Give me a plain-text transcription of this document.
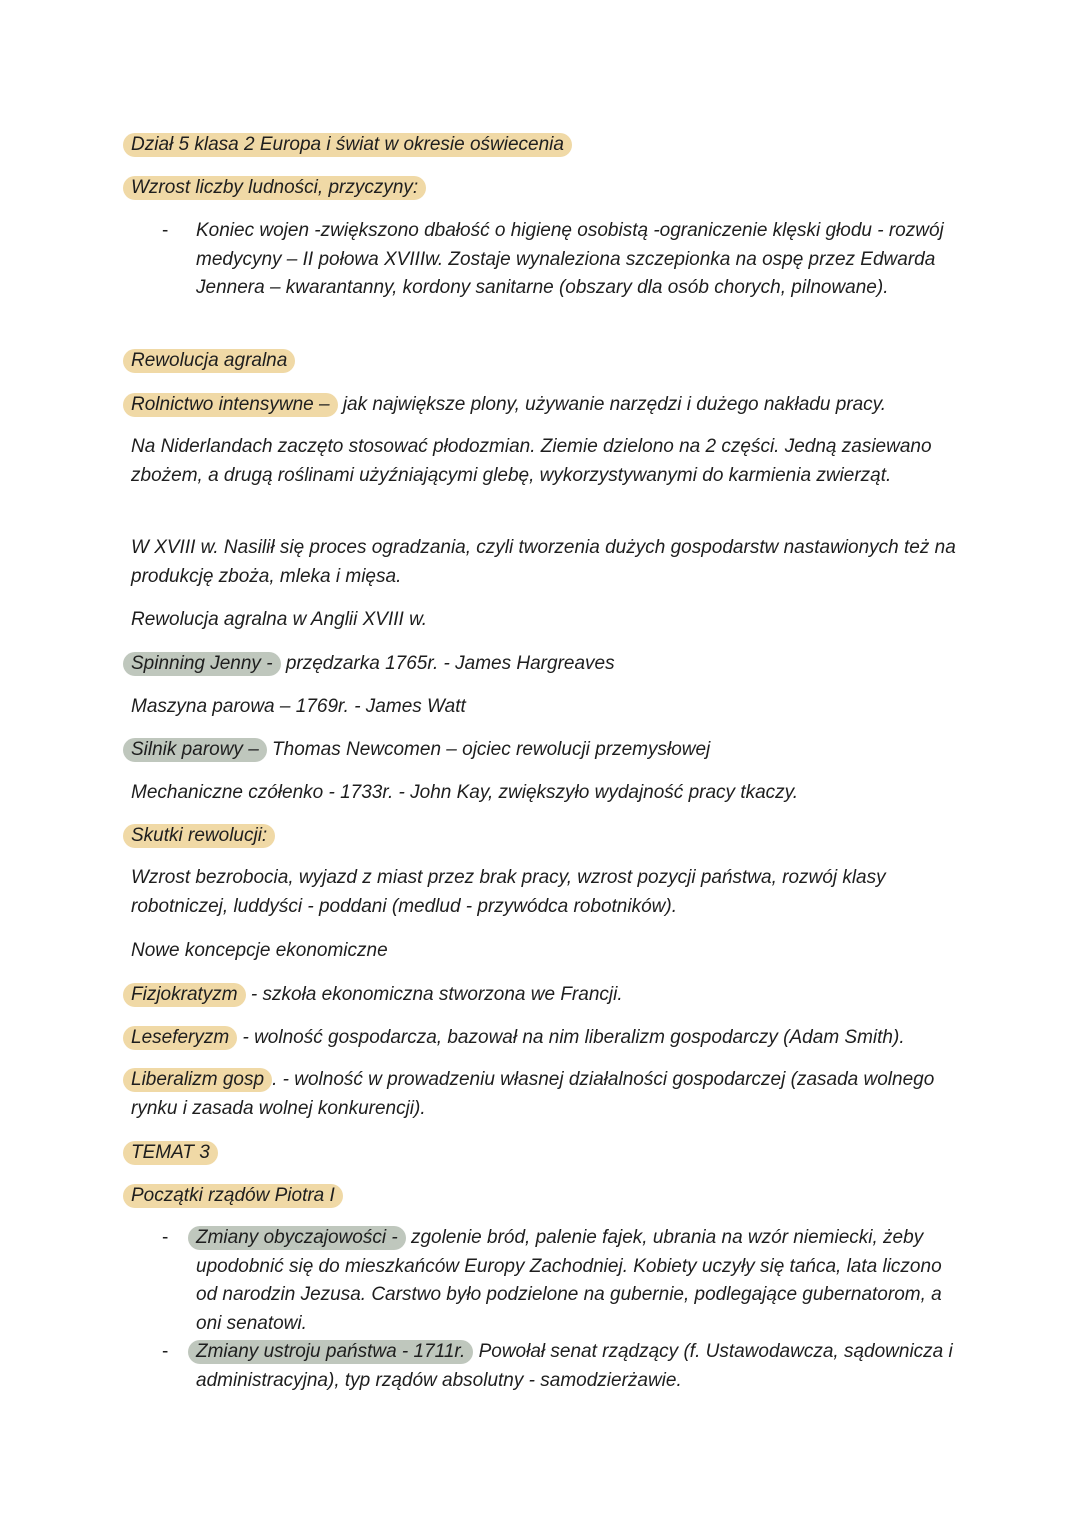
Dział 5 klasa 2 Europa i świat w okresie oświecenia
Wzrost liczby ludności, przyczyny:
- Koniec wojen -zwiększono dbałość o higienę osobistą -ograniczenie klęski głodu - rozwój medycyny – II połowa XVIIIw. Zostaje wynaleziona szczepionka na ospę przez Edwarda Jennera – kwarantanny, kordony sanitarne (obszary dla osób chorych, pilnowane).
Rewolucja agralna
Rolnictwo intensywne – jak największe plony, używanie narzędzi i dużego nakładu pracy.
Na Niderlandach zaczęto stosować płodozmian. Ziemie dzielono na 2 części. Jedną zasiewano zbożem, a drugą roślinami użyźniającymi glebę, wykorzystywanymi do karmienia zwierząt.
W XVIII w. Nasilił się proces ogradzania, czyli tworzenia dużych gospodarstw nastawionych też na produkcję zboża, mleka i mięsa.
Rewolucja agralna w Anglii XVIII w.
Spinning Jenny - przędzarka 1765r. - James Hargreaves
Maszyna parowa – 1769r. - James Watt
Silnik parowy – Thomas Newcomen – ojciec rewolucji przemysłowej
Mechaniczne czółenko - 1733r. - John Kay, zwiększyło wydajność pracy tkaczy.
Skutki rewolucji:
Wzrost bezrobocia, wyjazd z miast przez brak pracy, wzrost pozycji państwa, rozwój klasy robotniczej, luddyści - poddani (medlud - przywódca robotników).
Nowe koncepcje ekonomiczne
Fizjokratyzm - szkoła ekonomiczna stworzona we Francji.
Leseferyzm - wolność gospodarcza, bazował na nim liberalizm gospodarczy (Adam Smith).
Liberalizm gosp . - wolność w prowadzeniu własnej działalności gospodarczej (zasada wolnego rynku i zasada wolnej konkurencji).
TEMAT 3
Początki rządów Piotra I
- Zmiany obyczajowości - zgolenie bród, palenie fajek, ubrania na wzór niemiecki, żeby upodobnić się do mieszkańców Europy Zachodniej. Kobiety uczyły się tańca, lata liczono od narodzin Jezusa. Carstwo było podzielone na gubernie, podlegające gubernatorom, a oni senatowi.
- Zmiany ustroju państwa - 1711r. Powołał senat rządzący (f. Ustawodawcza, sądownicza i administracyjna), typ rządów absolutny - samodzierżawie.
